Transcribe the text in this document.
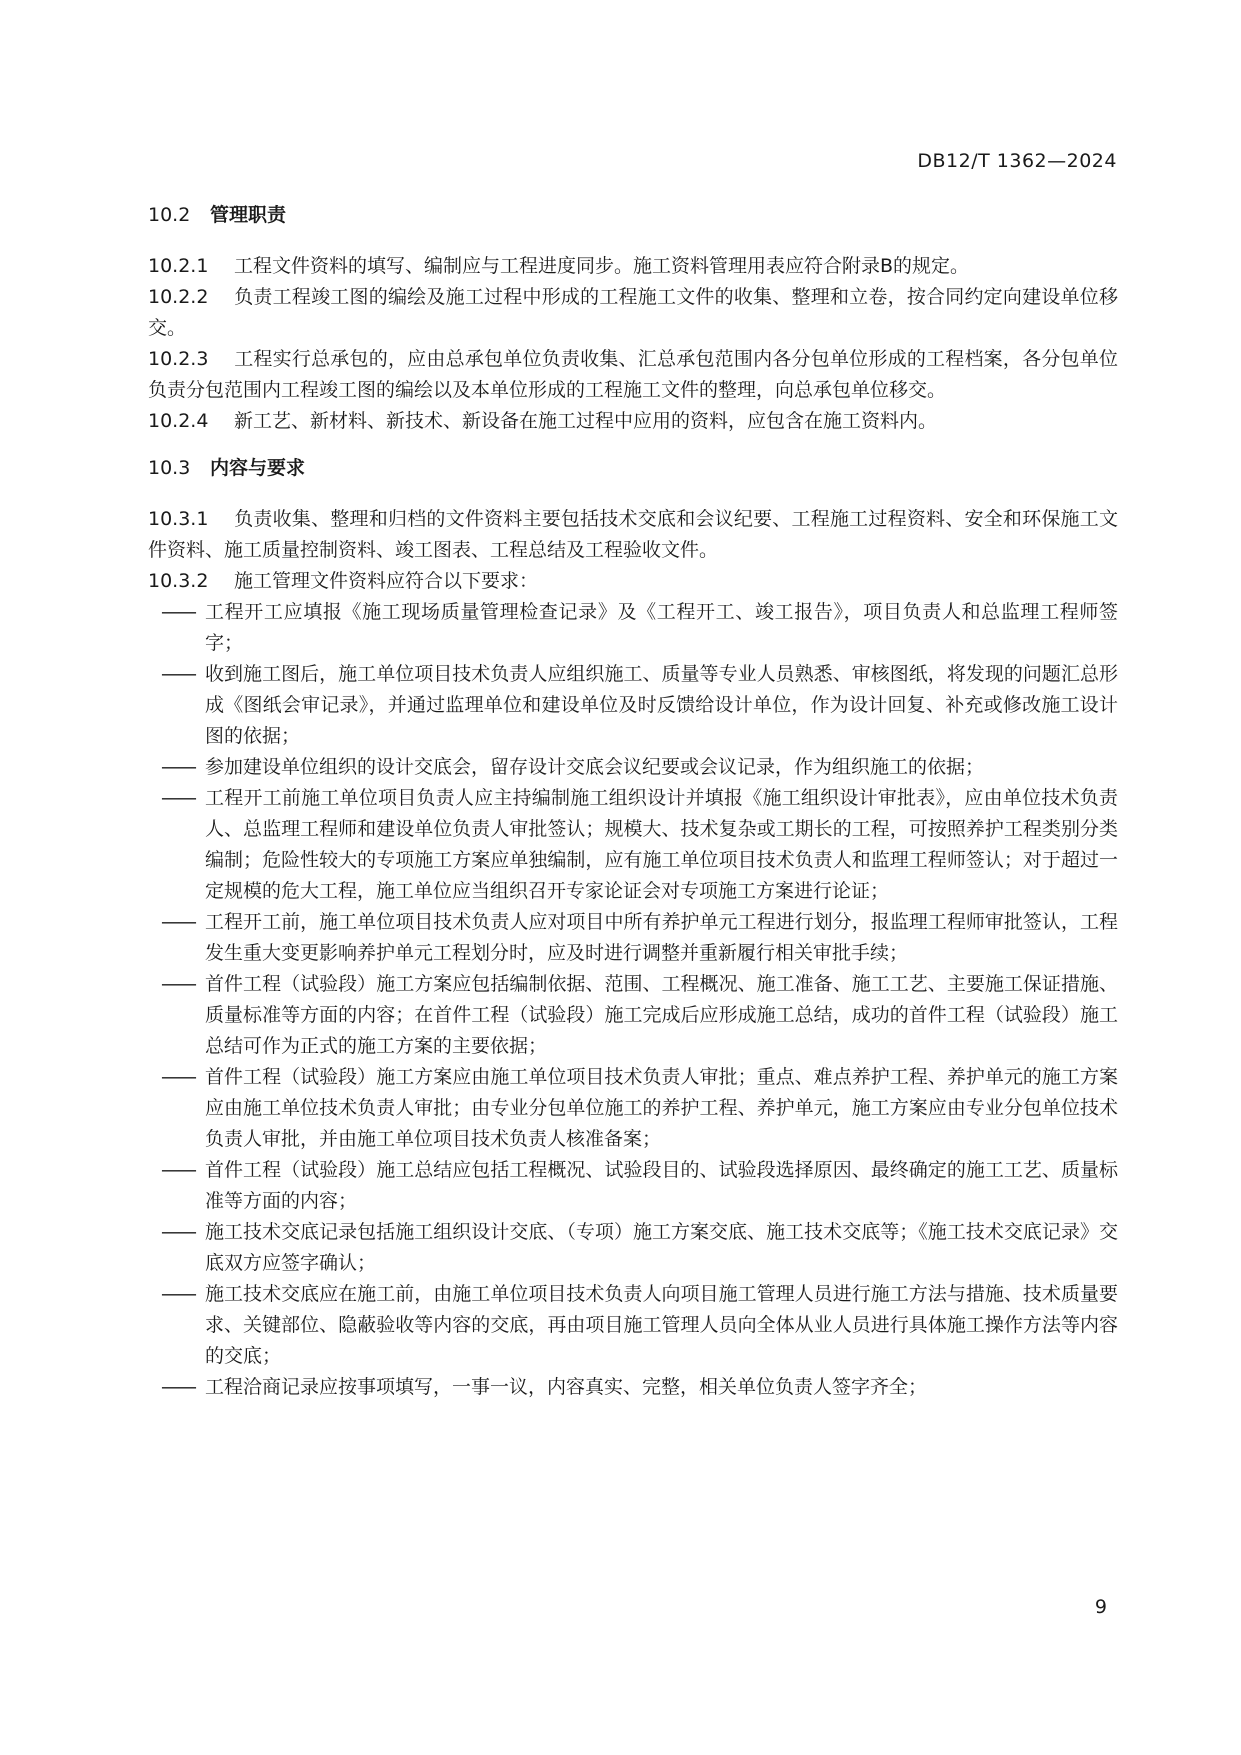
DB12/T 1362—2024
10.2 管理职责

10.2.1 工程文件资料的填写、编制应与工程进度同步。施工资料管理用表应符合附录B的规定。

10.2.2 负责工程竣工图的编绘及施工过程中形成的工程施工文件的收集、整理和立卷，按合同约定向建设单位移交。

10.2.3 工程实行总承包的，应由总承包单位负责收集、汇总承包范围内各分包单位形成的工程档案，各分包单位负责分包范围内工程竣工图的编绘以及本单位形成的工程施工文件的整理，向总承包单位移交。

10.2.4 新工艺、新材料、新技术、新设备在施工过程中应用的资料，应包含在施工资料内。

10.3 内容与要求

10.3.1 负责收集、整理和归档的文件资料主要包括技术交底和会议纪要、工程施工过程资料、安全和环保施工文件资料、施工质量控制资料、竣工图表、工程总结及工程验收文件。

10.3.2 施工管理文件资料应符合以下要求：

—— 工程开工应填报《施工现场质量管理检查记录》及《工程开工、竣工报告》，项目负责人和总监理工程师签字；

—— 收到施工图后，施工单位项目技术负责人应组织施工、质量等专业人员熟悉、审核图纸，将发现的问题汇总形成《图纸会审记录》，并通过监理单位和建设单位及时反馈给设计单位，作为设计回复、补充或修改施工设计图的依据；

—— 参加建设单位组织的设计交底会，留存设计交底会议纪要或会议记录，作为组织施工的依据；

—— 工程开工前施工单位项目负责人应主持编制施工组织设计并填报《施工组织设计审批表》，应由单位技术负责人、总监理工程师和建设单位负责人审批签认；规模大、技术复杂或工期长的工程，可按照养护工程类别分类编制；危险性较大的专项施工方案应单独编制，应有施工单位项目技术负责人和监理工程师签认；对于超过一定规模的危大工程，施工单位应当组织召开专家论证会对专项施工方案进行论证；

—— 工程开工前，施工单位项目技术负责人应对项目中所有养护单元工程进行划分，报监理工程师审批签认，工程发生重大变更影响养护单元工程划分时，应及时进行调整并重新履行相关审批手续；

—— 首件工程（试验段）施工方案应包括编制依据、范围、工程概况、施工准备、施工工艺、主要施工保证措施、质量标准等方面的内容；在首件工程（试验段）施工完成后应形成施工总结，成功的首件工程（试验段）施工总结可作为正式的施工方案的主要依据；

—— 首件工程（试验段）施工方案应由施工单位项目技术负责人审批；重点、难点养护工程、养护单元的施工方案应由施工单位技术负责人审批；由专业分包单位施工的养护工程、养护单元，施工方案应由专业分包单位技术负责人审批，并由施工单位项目技术负责人核准备案；

—— 首件工程（试验段）施工总结应包括工程概况、试验段目的、试验段选择原因、最终确定的施工工艺、质量标准等方面的内容；

—— 施工技术交底记录包括施工组织设计交底、（专项）施工方案交底、施工技术交底等；《施工技术交底记录》交底双方应签字确认；

—— 施工技术交底应在施工前，由施工单位项目技术负责人向项目施工管理人员进行施工方法与措施、技术质量要求、关键部位、隐蔽验收等内容的交底，再由项目施工管理人员向全体从业人员进行具体施工操作方法等内容的交底；

—— 工程洽商记录应按事项填写，一事一议，内容真实、完整，相关单位负责人签字齐全；

9
